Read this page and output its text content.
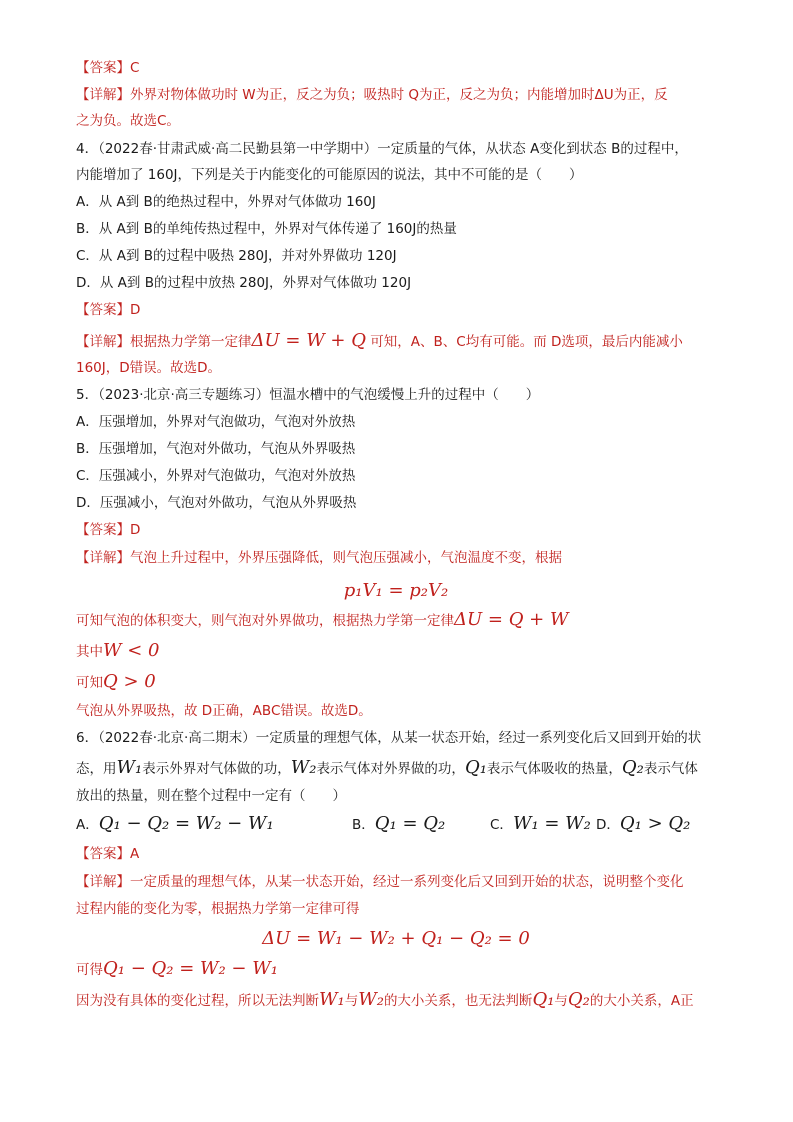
【答案】C
【详解】外界对物体做功时 W为正，反之为负；吸热时 Q为正，反之为负；内能增加时ΔU为正，反
之为负。故选C。
4．（2022春·甘肃武威·高二民勤县第一中学期中）一定质量的气体，从状态 A变化到状态 B的过程中，
内能增加了 160J，下列是关于内能变化的可能原因的说法，其中不可能的是（　　）
A．从 A到 B的绝热过程中，外界对气体做功 160J
B．从 A到 B的单纯传热过程中，外界对气体传递了 160J的热量
C．从 A到 B的过程中吸热 280J，并对外界做功 120J
D．从 A到 B的过程中放热 280J，外界对气体做功 120J
【答案】D
【详解】根据热力学第一定律ΔU = W + Q 可知，A、B、C均有可能。而 D选项，最后内能减小
160J，D错误。故选D。
5．（2023·北京·高三专题练习）恒温水槽中的气泡缓慢上升的过程中（　　）
A．压强增加，外界对气泡做功，气泡对外放热
B．压强增加，气泡对外做功，气泡从外界吸热
C．压强减小，外界对气泡做功，气泡对外放热
D．压强减小，气泡对外做功，气泡从外界吸热
【答案】D
【详解】气泡上升过程中，外界压强降低，则气泡压强减小，气泡温度不变，根据
p₁V₁ = p₂V₂
可知气泡的体积变大，则气泡对外界做功，根据热力学第一定律ΔU = Q + W
其中W < 0
可知Q > 0
气泡从外界吸热，故 D正确，ABC错误。故选D。
6．（2022春·北京·高二期末）一定质量的理想气体，从某一状态开始，经过一系列变化后又回到开始的状
态，用W₁表示外界对气体做的功，W₂表示气体对外界做的功，Q₁表示气体吸收的热量，Q₂表示气体
放出的热量，则在整个过程中一定有（　　）
A．Q₁ − Q₂ = W₂ − W₁	B．Q₁ = Q₂	C．W₁ = W₂ D．Q₁ > Q₂
【答案】A
【详解】一定质量的理想气体，从某一状态开始，经过一系列变化后又回到开始的状态，说明整个变化
过程内能的变化为零，根据热力学第一定律可得
ΔU = W₁ − W₂ + Q₁ − Q₂ = 0
可得Q₁ − Q₂ = W₂ − W₁
因为没有具体的变化过程，所以无法判断W₁与W₂的大小关系，也无法判断Q₁与Q₂的大小关系，A正
